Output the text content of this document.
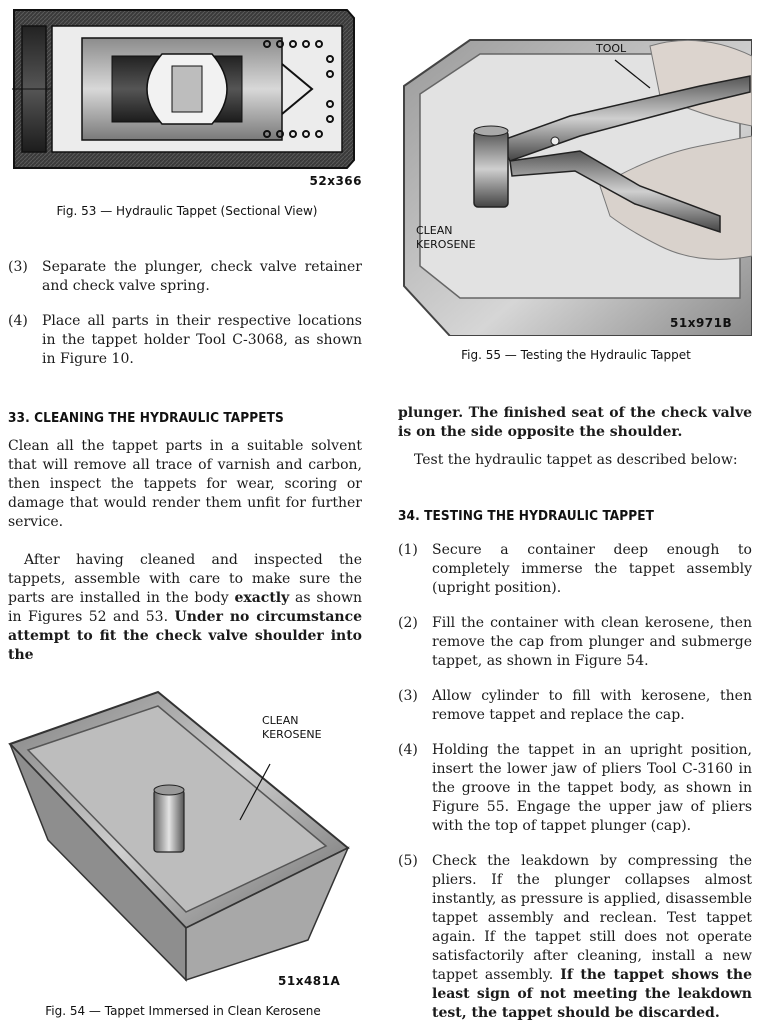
52x366
Fig. 53 — Hydraulic Tappet (Sectional View)
TOOL
CLEAN
KEROSENE
51x971B
Fig. 55 — Testing the Hydraulic Tappet
(3)	Separate the plunger, check valve retainer and check valve spring.
(4)	Place all parts in their respective locations in the tappet holder Tool C-3068, as shown in Figure 10.
33. CLEANING THE HYDRAULIC TAPPETS
Clean all the tappet parts in a suitable solvent that will remove all trace of varnish and carbon, then inspect the tappets for wear, scoring or damage that would render them unfit for further service.
After having cleaned and inspected the tappets, assemble with care to make sure the parts are installed in the body exactly as shown in Figures 52 and 53. Under no circumstance attempt to fit the check valve shoulder into the
CLEAN
KEROSENE
51x481A
Fig. 54 — Tappet Immersed in Clean Kerosene
plunger. The finished seat of the check valve is on the side opposite the shoulder.
Test the hydraulic tappet as described below:
34. TESTING THE HYDRAULIC TAPPET
(1)	Secure a container deep enough to completely immerse the tappet assembly (upright position).
(2)	Fill the container with clean kerosene, then remove the cap from plunger and submerge tappet, as shown in Figure 54.
(3)	Allow cylinder to fill with kerosene, then remove tappet and replace the cap.
(4)	Holding the tappet in an upright position, insert the lower jaw of pliers Tool C-3160 in the groove in the tappet body, as shown in Figure 55. Engage the upper jaw of pliers with the top of tappet plunger (cap).
(5)	Check the leakdown by compressing the pliers. If the plunger collapses almost instantly, as pressure is applied, disassemble tappet assembly and reclean. Test tappet again. If the tappet still does not operate satisfactorily after cleaning, install a new tappet assembly. If the tappet shows the least sign of not meeting the leakdown test, the tappet should be discarded.
